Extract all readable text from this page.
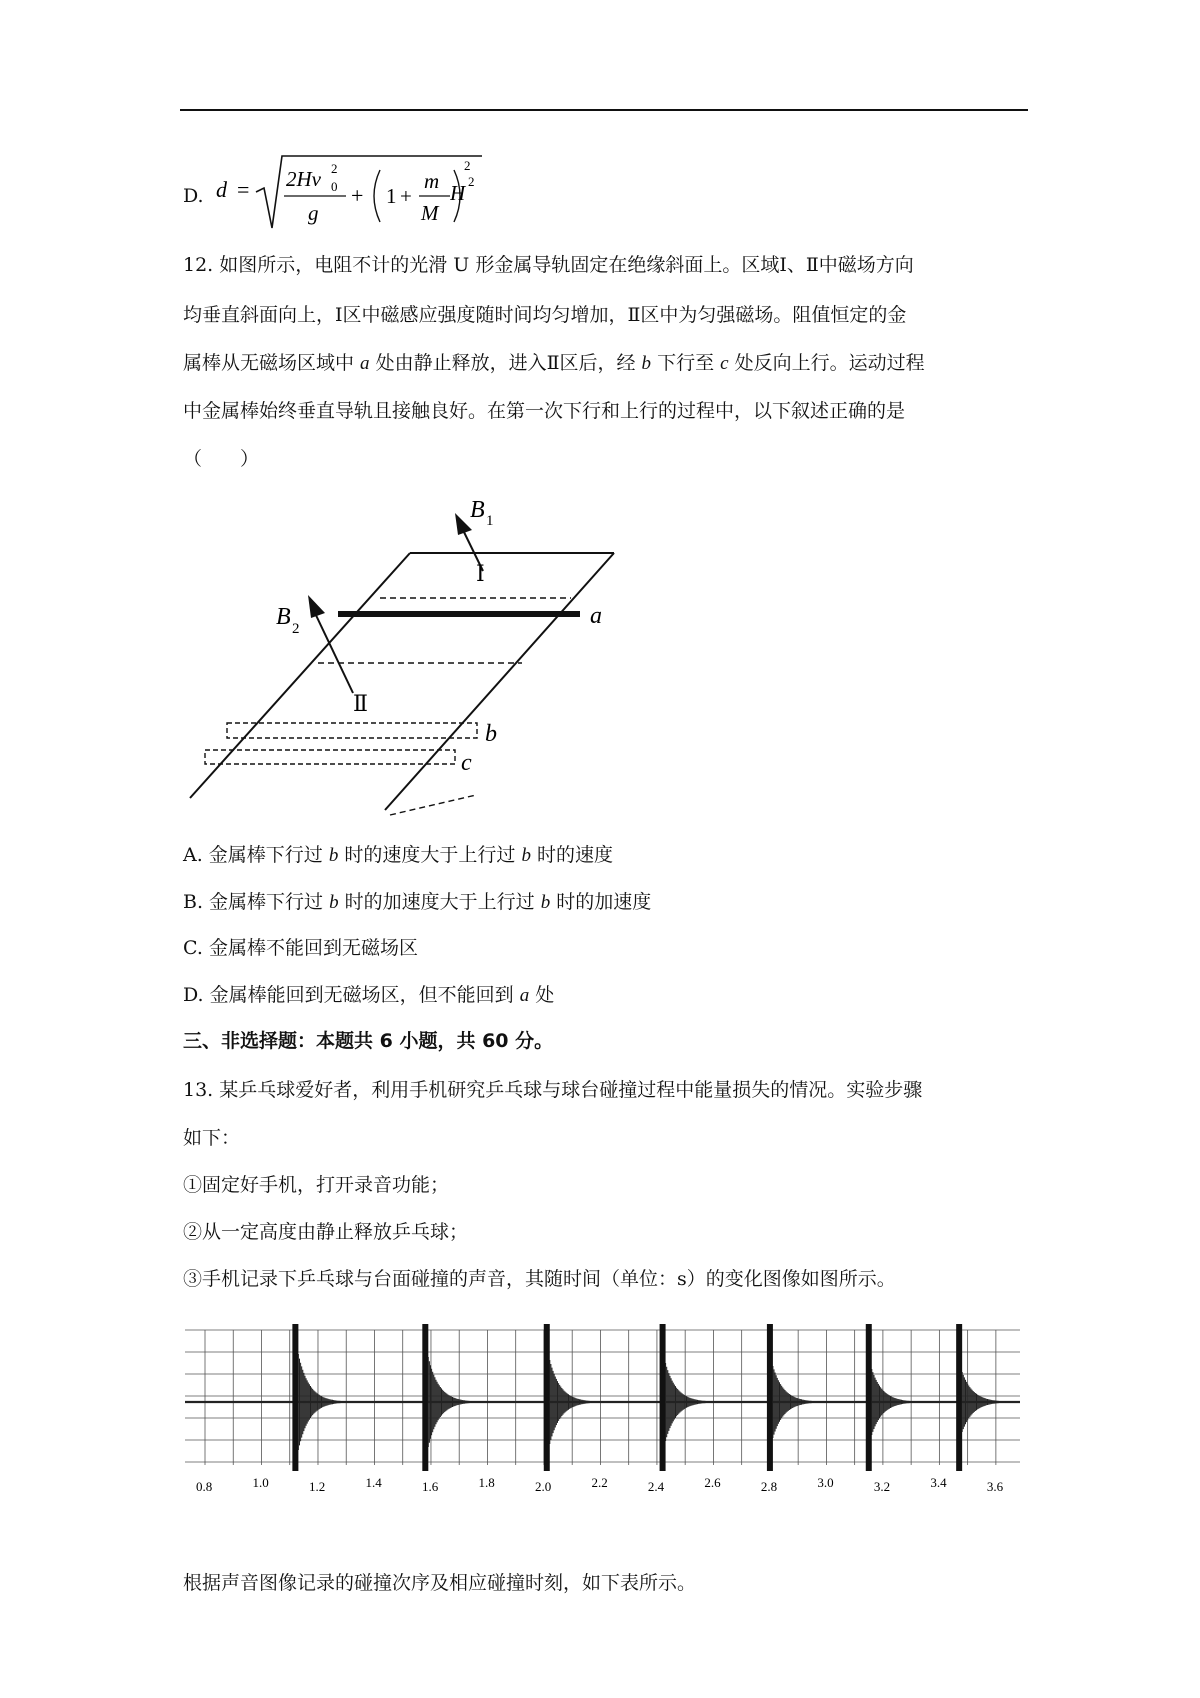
D. d = 2Hv 2
0
g
+ 1 +
m
M
2
H 2
12. 如图所示，电阻不计的光滑 U 形金属导轨固定在绝缘斜面上。区域Ⅰ、Ⅱ中磁场方向
均垂直斜面向上，Ⅰ区中磁感应强度随时间均匀增加，Ⅱ区中为匀强磁场。阻值恒定的金
属棒从无磁场区域中 a 处由静止释放，进入Ⅱ区后，经 b 下行至 c 处反向上行。运动过程
中金属棒始终垂直导轨且接触良好。在第一次下行和上行的过程中，以下叙述正确的是
（　　）
B 1
B 2
Ⅰ
Ⅱ
a
b
c
A. 金属棒下行过 b 时的速度大于上行过 b 时的速度
B. 金属棒下行过 b 时的加速度大于上行过 b 时的加速度
C. 金属棒不能回到无磁场区
D. 金属棒能回到无磁场区，但不能回到 a 处
三、非选择题：本题共 6 小题，共 60 分。
13. 某乒乓球爱好者，利用手机研究乒乓球与球台碰撞过程中能量损失的情况。实验步骤
如下：
①固定好手机，打开录音功能；
②从一定高度由静止释放乒乓球；
③手机记录下乒乓球与台面碰撞的声音，其随时间（单位：s）的变化图像如图所示。
0.8	1.0	1.2	1.4	1.6	1.8	2.0	2.2	2.4	2.6	2.8	3.0	3.2	3.4	3.6
根据声音图像记录的碰撞次序及相应碰撞时刻，如下表所示。
